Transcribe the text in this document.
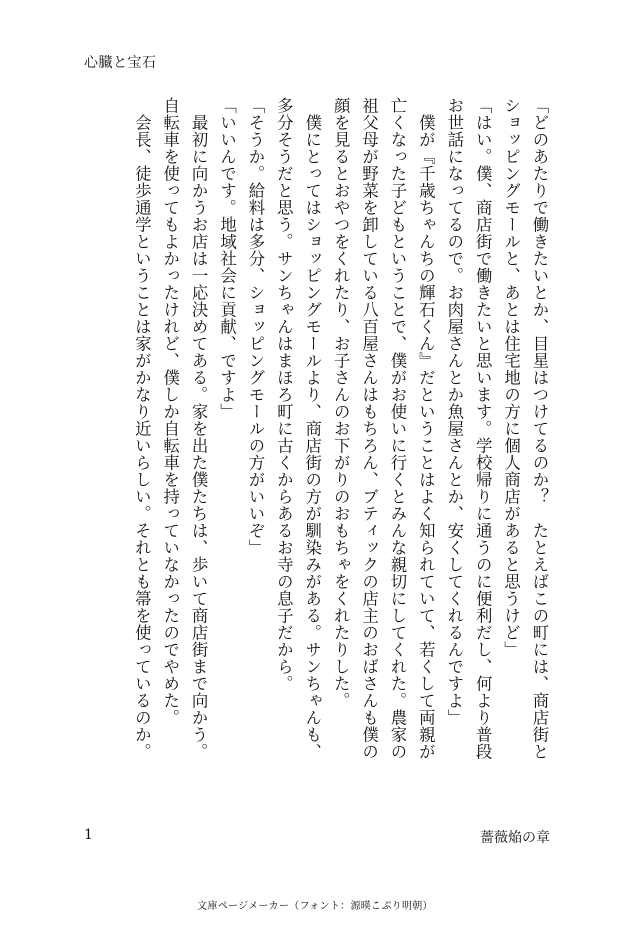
心臓と宝石
「どのあたりで働きたいとか、目星はつけてるのか？　たとえばこの町には、商店街と
ショッピングモールと、あとは住宅地の方に個人商店があると思うけど」
「はい。僕、商店街で働きたいと思います。学校帰りに通うのに便利だし、何より普段
お世話になってるので。お肉屋さんとか魚屋さんとか、安くしてくれるんですよ」
　僕が『千歳ちゃんちの輝石くん』だということはよく知られていて、若くして両親が
亡くなった子どもということで、僕がお使いに行くとみんな親切にしてくれた。農家の
祖父母が野菜を卸している八百屋さんはもちろん、ブティックの店主のおばさんも僕の
顔を見るとおやつをくれたり、お子さんのお下がりのおもちゃをくれたりした。
　僕にとってはショッピングモールより、商店街の方が馴染みがある。サンちゃんも、
多分そうだと思う。サンちゃんはまほろ町に古くからあるお寺の息子だから。
「そうか。給料は多分、ショッピングモールの方がいいぞ」
「いいんです。地域社会に貢献、ですよ」
　最初に向かうお店は一応決めてある。家を出た僕たちは、歩いて商店街まで向かう。
自転車を使ってもよかったけれど、僕しか自転車を持っていなかったのでやめた。
　会長、徒歩通学ということは家がかなり近いらしい。それとも箒を使っているのか。
1	薔薇焔の章
文庫ページメーカー（フォント：源暎こぶり明朝）
